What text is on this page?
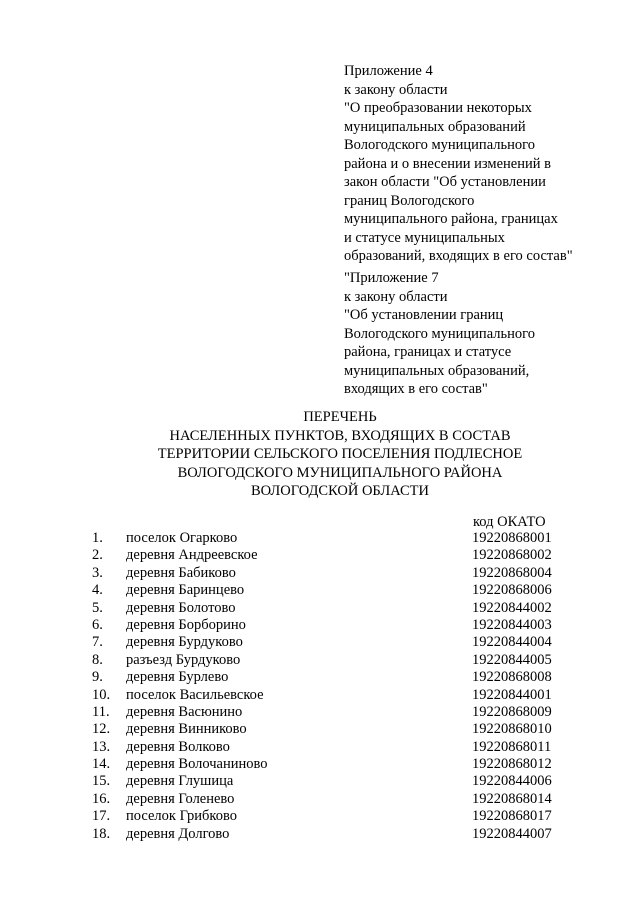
Приложение 4
к закону области
"О преобразовании некоторых
муниципальных образований
Вологодского муниципального
района и о внесении изменений в
закон области "Об установлении
границ Вологодского
муниципального района, границах
и статусе муниципальных
образований, входящих в его состав"
"Приложение 7
к закону области
"Об установлении границ
Вологодского муниципального
района, границах и статусе
муниципальных образований,
входящих в его состав"
ПЕРЕЧЕНЬ
НАСЕЛЕННЫХ ПУНКТОВ, ВХОДЯЩИХ В СОСТАВ
ТЕРРИТОРИИ СЕЛЬСКОГО ПОСЕЛЕНИЯ ПОДЛЕСНОЕ
ВОЛОГОДСКОГО МУНИЦИПАЛЬНОГО РАЙОНА
ВОЛОГОДСКОЙ ОБЛАСТИ
код ОКАТО
1. поселок Огарково	19220868001
2. деревня Андреевское	19220868002
3. деревня Бабиково	19220868004
4. деревня Баринцево	19220868006
5. деревня Болотово	19220844002
6. деревня Борборино	19220844003
7. деревня Бурдуково	19220844004
8. разъезд Бурдуково	19220844005
9. деревня Бурлево	19220868008
10. поселок Васильевское	19220844001
11. деревня Васюнино	19220868009
12. деревня Винниково	19220868010
13. деревня Волково	19220868011
14. деревня Волочаниново	19220868012
15. деревня Глушица	19220844006
16. деревня Голенево	19220868014
17. поселок Грибково	19220868017
18. деревня Долгово	19220844007
